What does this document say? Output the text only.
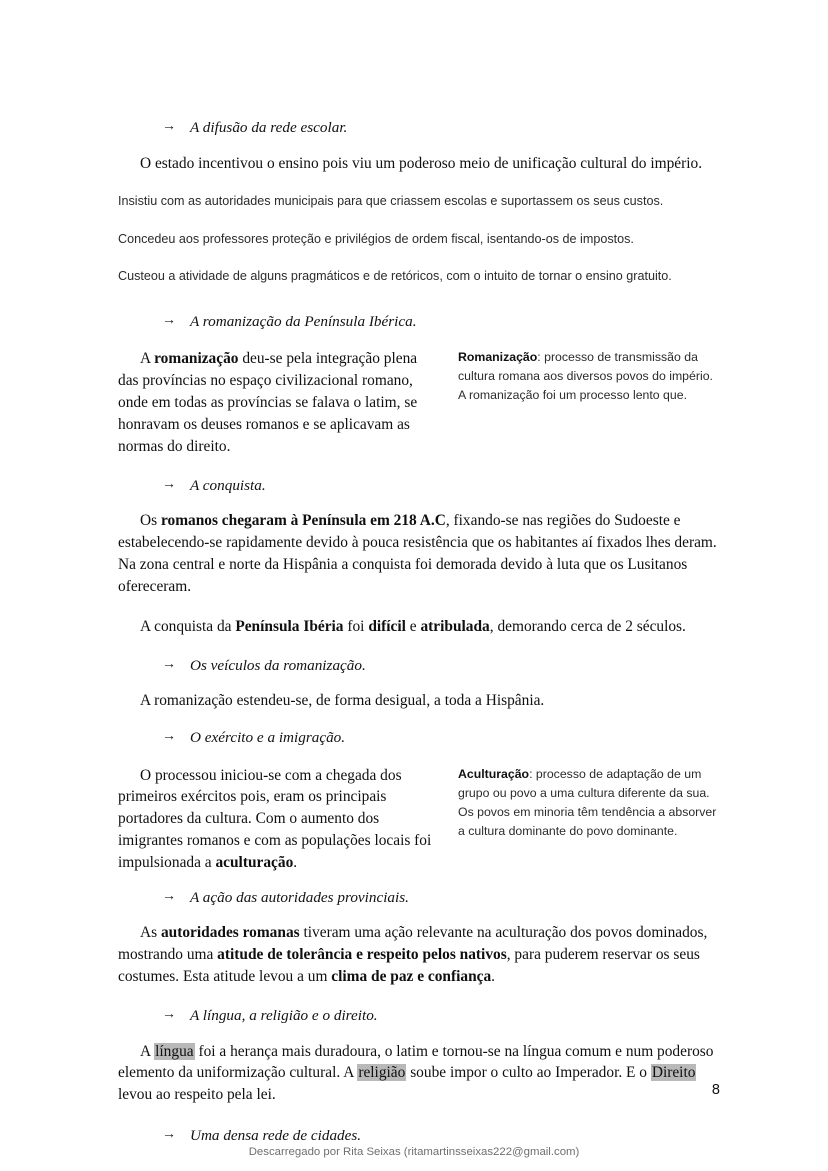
→ A difusão da rede escolar.

O estado incentivou o ensino pois viu um poderoso meio de unificação cultural do império.

Insistiu com as autoridades municipais para que criassem escolas e suportassem os seus custos.

Concedeu aos professores proteção e privilégios de ordem fiscal, isentando-os de impostos.

Custeou a atividade de alguns pragmáticos e de retóricos, com o intuito de tornar o ensino gratuito.

→ A romanização da Península Ibérica.

A romanização deu-se pela integração plena das províncias no espaço civilizacional romano, onde em todas as províncias se falava o latim, se honravam os deuses romanos e se aplicavam as normas do direito.

Romanização: processo de transmissão da cultura romana aos diversos povos do império. A romanização foi um processo lento que.

→ A conquista.

Os romanos chegaram à Península em 218 A.C, fixando-se nas regiões do Sudoeste e estabelecendo-se rapidamente devido à pouca resistência que os habitantes aí fixados lhes deram. Na zona central e norte da Hispânia a conquista foi demorada devido à luta que os Lusitanos ofereceram.

A conquista da Península Ibéria foi difícil e atribulada, demorando cerca de 2 séculos.

→ Os veículos da romanização.

A romanização estendeu-se, de forma desigual, a toda a Hispânia.

→ O exército e a imigração.

O processou iniciou-se com a chegada dos primeiros exércitos pois, eram os principais portadores da cultura. Com o aumento dos imigrantes romanos e com as populações locais foi impulsionada a aculturação.

Aculturação: processo de adaptação de um grupo ou povo a uma cultura diferente da sua. Os povos em minoria têm tendência a absorver a cultura dominante do povo dominante.

→ A ação das autoridades provinciais.

As autoridades romanas tiveram uma ação relevante na aculturação dos povos dominados, mostrando uma atitude de tolerância e respeito pelos nativos, para puderem reservar os seus costumes. Esta atitude levou a um clima de paz e confiança.

→ A língua, a religião e o direito.

A língua foi a herança mais duradoura, o latim e tornou-se na língua comum e num poderoso elemento da uniformização cultural. A religião soube impor o culto ao Imperador. E o Direito levou ao respeito pela lei.

→ Uma densa rede de cidades.

8
Descarregado por Rita Seixas (ritamartinsseixas222@gmail.com)
